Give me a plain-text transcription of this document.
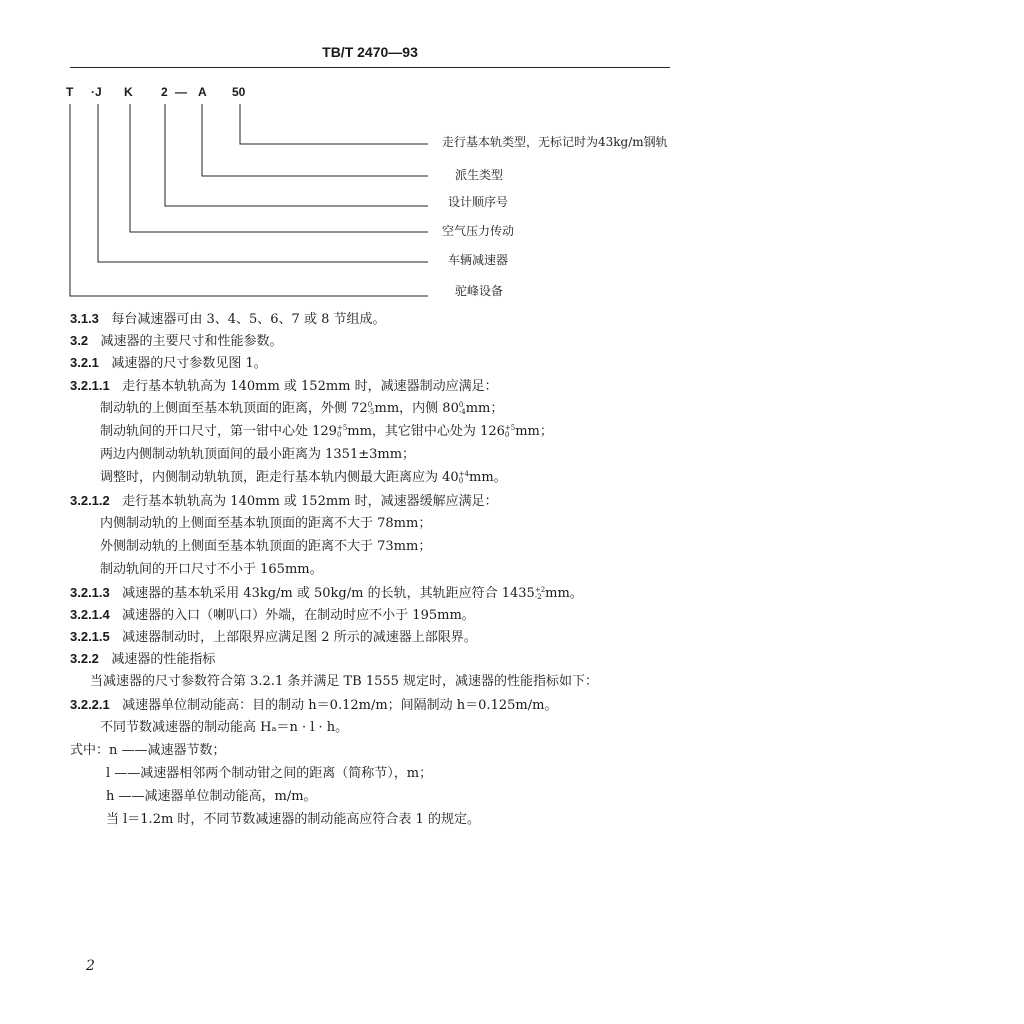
TB/T 2470—93
T ·J K 2 — A 50
走行基本轨类型，无标记时为43kg/m钢轨
派生类型
设计顺序号
空气压力传动
车辆减速器
驼峰设备
3.1.3 每台减速器可由 3、4、5、6、7 或 8 节组成。
3.2 减速器的主要尺寸和性能参数。
3.2.1 减速器的尺寸参数见图 1。
3.2.1.1 走行基本轨轨高为 140mm 或 152mm 时，减速器制动应满足：
制动轨的上侧面至基本轨顶面的距离，外侧 72 0
-5 mm，内侧 80 0
-4 mm；
制动轨间的开口尺寸，第一钳中心处 129 +5
0 mm，其它钳中心处为 126 +5
0 mm；
两边内侧制动轨轨顶面间的最小距离为 1351±3mm；
调整时，内侧制动轨轨顶，距走行基本轨内侧最大距离应为 40 +4
0 mm。
3.2.1.2 走行基本轨轨高为 140mm 或 152mm 时，减速器缓解应满足：
内侧制动轨的上侧面至基本轨顶面的距离不大于 78mm；
外侧制动轨的上侧面至基本轨顶面的距离不大于 73mm；
制动轨间的开口尺寸不小于 165mm。
3.2.1.3 减速器的基本轨采用 43kg/m 或 50kg/m 的长轨，其轨距应符合 1435 +2
-2 mm。
3.2.1.4 减速器的入口（喇叭口）外端，在制动时应不小于 195mm。
3.2.1.5 减速器制动时，上部限界应满足图 2 所示的减速器上部限界。
3.2.2 减速器的性能指标
当减速器的尺寸参数符合第 3.2.1 条并满足 TB 1555 规定时，减速器的性能指标如下：
3.2.2.1 减速器单位制动能高：目的制动 h＝0.12m/m；间隔制动 h＝0.125m/m。
不同节数减速器的制动能高 Hₐ＝n · l · h。
式中：n ——减速器节数；
l ——减速器相邻两个制动钳之间的距离（简称节），m；
h ——减速器单位制动能高，m/m。
当 l＝1.2m 时，不同节数减速器的制动能高应符合表 1 的规定。
2
